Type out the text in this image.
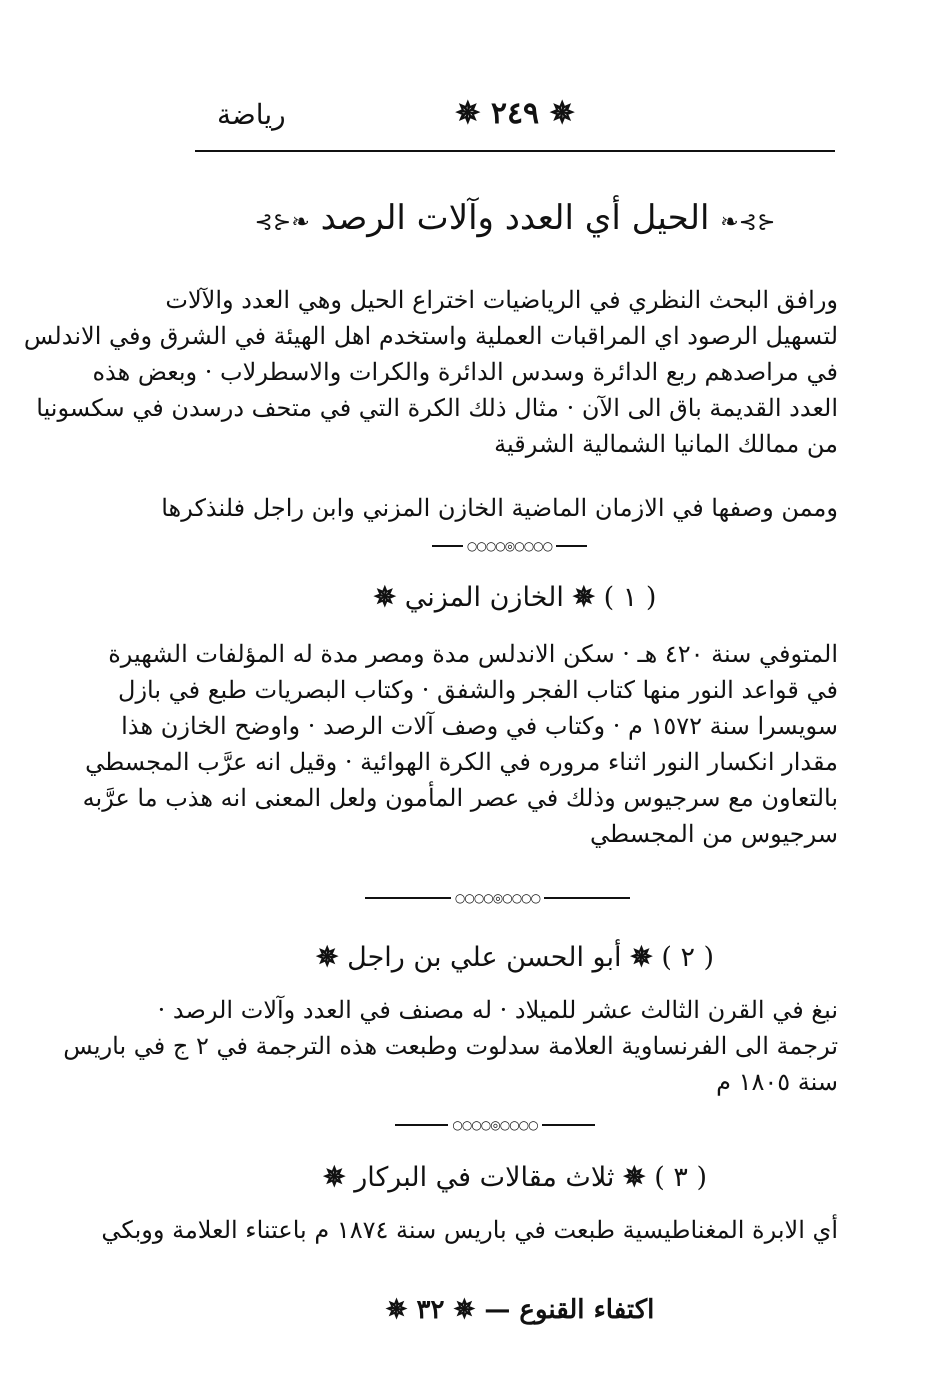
رياضة	✵ ٢٤٩ ✵
⊰⊱❧ الحيل أي العدد وآلات الرصد ❧⊰⊱
ورافق البحث النظري في الرياضيات اختراع الحيل وهي العدد والآلات
لتسهيل الرصود اي المراقبات العملية واستخدم اهل الهيئة في الشرق وفي الاندلس
في مراصدهم ربع الدائرة وسدس الدائرة والكرات والاسطرلاب · وبعض هذه
العدد القديمة باق الى الآن · مثال ذلك الكرة التي في متحف درسدن في سكسونيا
من ممالك المانيا الشمالية الشرقية
وممن وصفها في الازمان الماضية الخازن المزني وابن راجل فلنذكرها
○○○○◎○○○○
( ١ ) ✵ الخازن المزني ✵
المتوفي سنة ٤٢٠ هـ · سكن الاندلس مدة ومصر مدة له المؤلفات الشهيرة
في قواعد النور منها كتاب الفجر والشفق · وكتاب البصريات طبع في بازل
سويسرا سنة ١٥٧٢ م · وكتاب في وصف آلات الرصد · واوضح الخازن هذا
مقدار انكسار النور اثناء مروره في الكرة الهوائية · وقيل انه عرَّب المجسطي
بالتعاون مع سرجيوس وذلك في عصر المأمون ولعل المعنى انه هذب ما عرَّبه
سرجيوس من المجسطي
○○○○◎○○○○
( ٢ ) ✵ أبو الحسن علي بن راجل ✵
نبغ في القرن الثالث عشر للميلاد · له مصنف في العدد وآلات الرصد ·
ترجمة الى الفرنساوية العلامة سدلوت وطبعت هذه الترجمة في ٢ ج في باريس
سنة ١٨٠٥ م
○○○○◎○○○○
( ٣ ) ✵ ثلاث مقالات في البركار ✵
أي الابرة المغناطيسية طبعت في باريس سنة ١٨٧٤ م باعتناء العلامة ووبكي
اكتفاء القنوع — ✵ ٣٢ ✵
